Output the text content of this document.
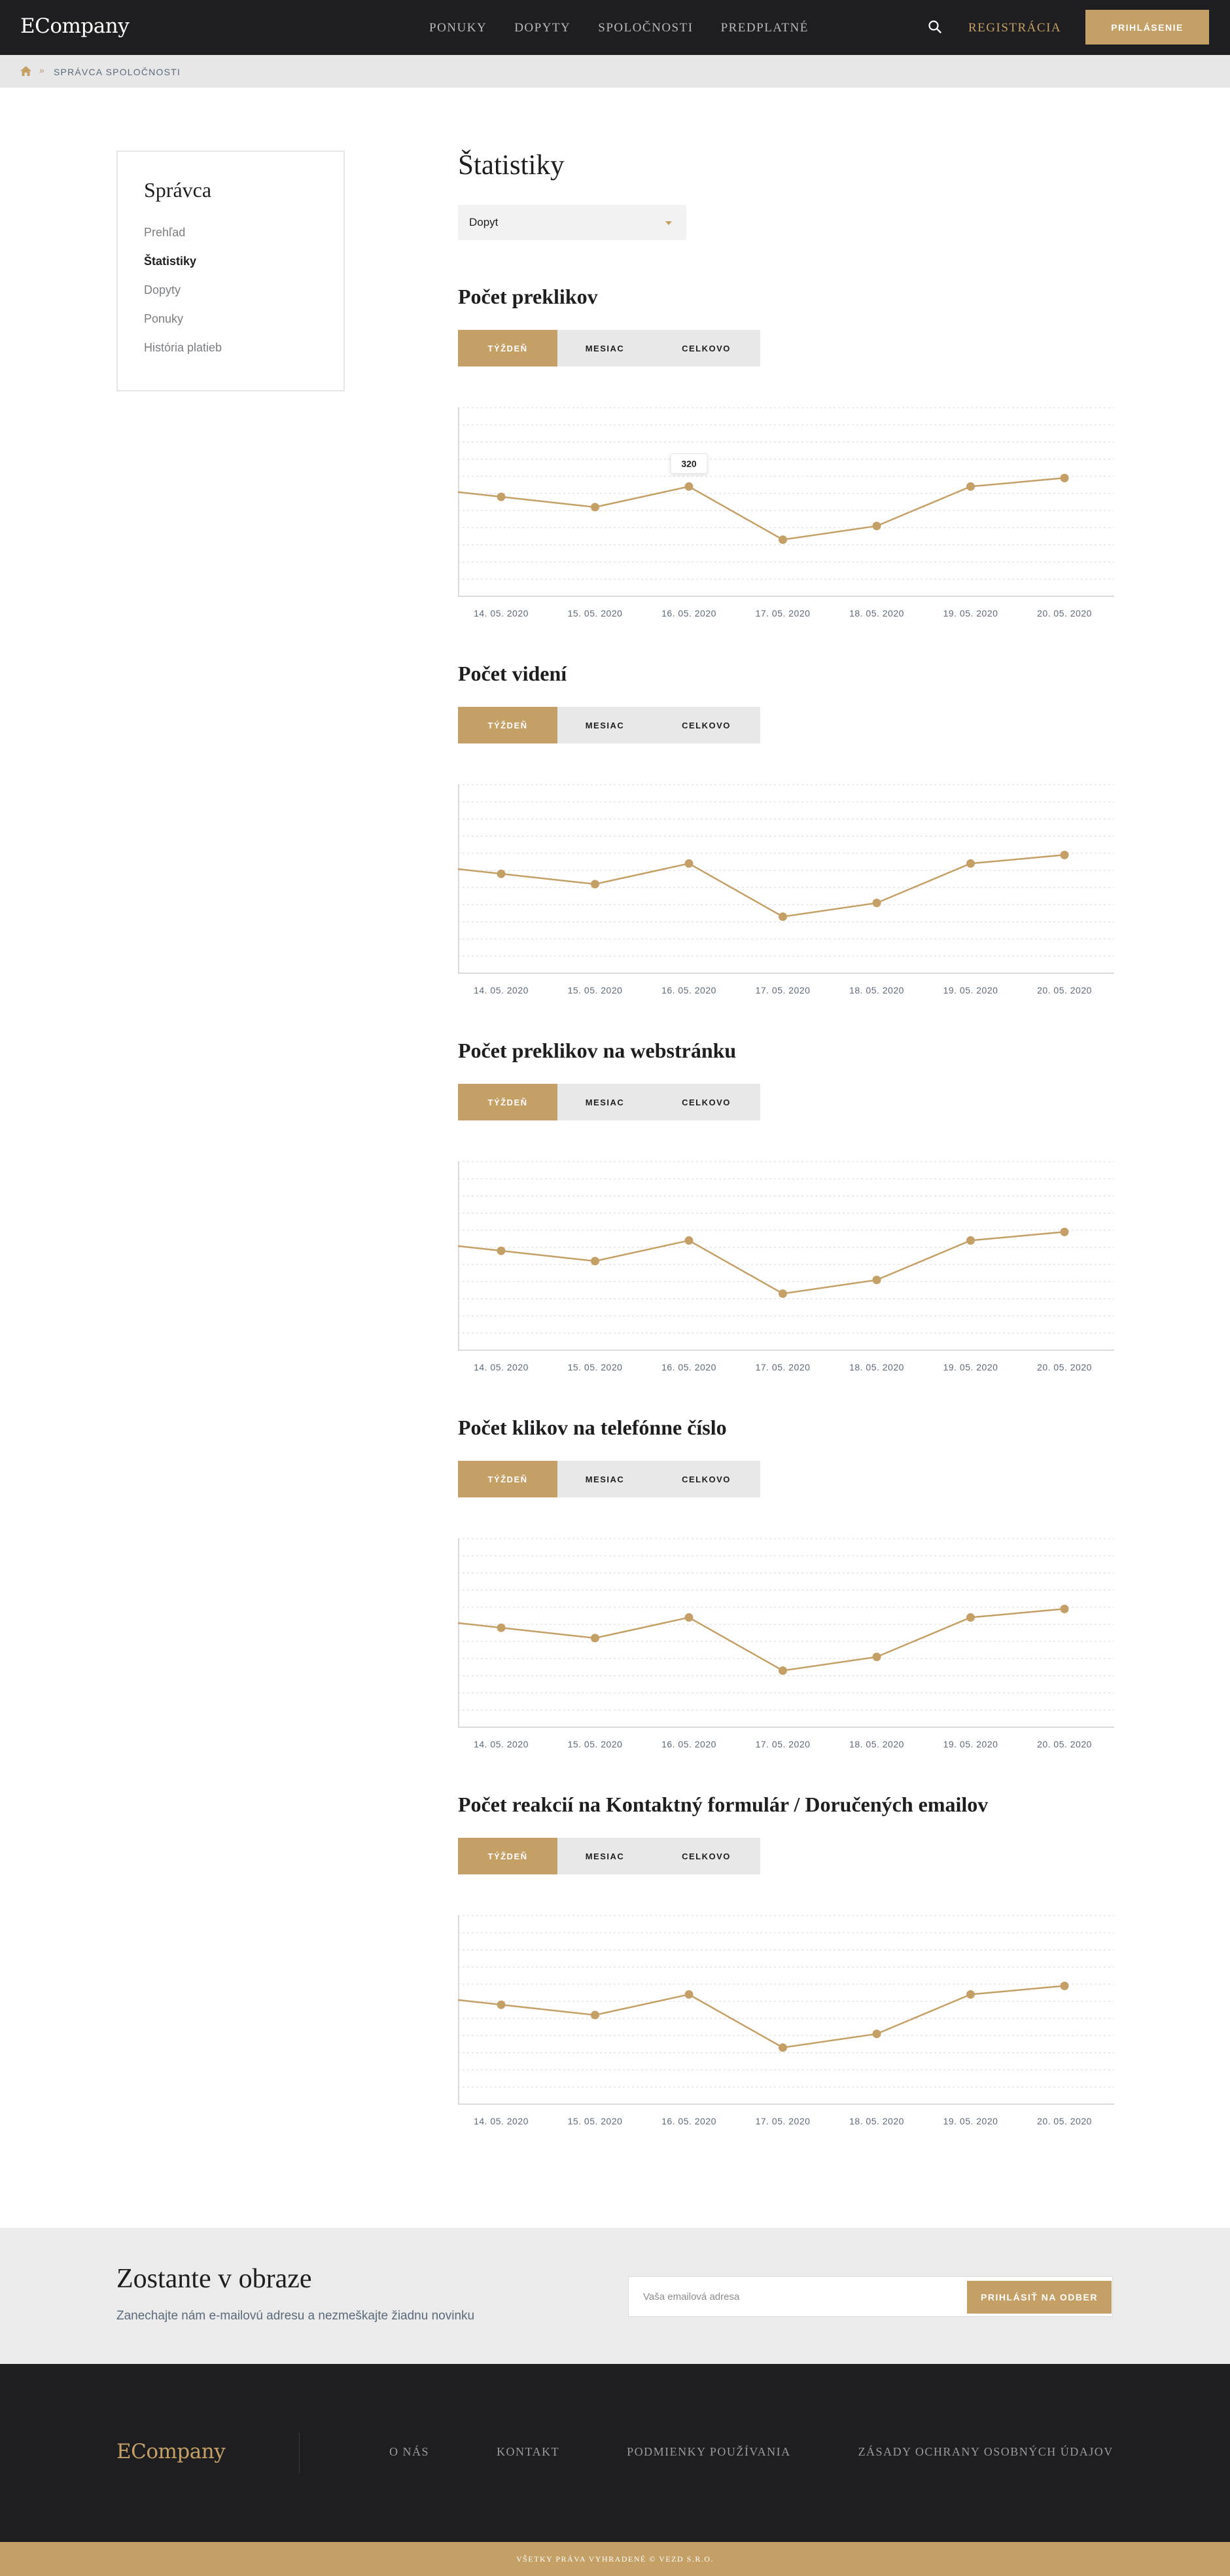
ECompany	PONUKY DOPYTY SPOLOČNOSTI PREDPLATNÉ	REGISTRÁCIA	PRIHLÁSENIE
» SPRÁVCA SPOLOČNOSTI
Správca
Prehľad
Štatistiky
Dopyty
Ponuky
História platieb
Štatistiky
Dopyt
Počet preklikov
TÝŽDEŇ	MESIAC	CELKOVO
14. 05. 2020	15. 05. 2020	16. 05. 2020	17. 05. 2020	18. 05. 2020	19. 05. 2020	20. 05. 2020
320
Počet videní
TÝŽDEŇ	MESIAC	CELKOVO
14. 05. 2020	15. 05. 2020	16. 05. 2020	17. 05. 2020	18. 05. 2020	19. 05. 2020	20. 05. 2020
Počet preklikov na webstránku
TÝŽDEŇ	MESIAC	CELKOVO
14. 05. 2020	15. 05. 2020	16. 05. 2020	17. 05. 2020	18. 05. 2020	19. 05. 2020	20. 05. 2020
Počet klikov na telefónne číslo
TÝŽDEŇ	MESIAC	CELKOVO
14. 05. 2020	15. 05. 2020	16. 05. 2020	17. 05. 2020	18. 05. 2020	19. 05. 2020	20. 05. 2020
Počet reakcií na Kontaktný formulár / Doručených emailov
TÝŽDEŇ	MESIAC	CELKOVO
14. 05. 2020	15. 05. 2020	16. 05. 2020	17. 05. 2020	18. 05. 2020	19. 05. 2020	20. 05. 2020
Zostante v obraze

Zanechajte nám e-mailovú adresu a nezmeškajte žiadnu novinku

Vaša emailová adresa	PRIHLÁSIŤ NA ODBER
ECompany	O NÁS	KONTAKT	PODMIENKY POUŽÍVANIA	ZÁSADY OCHRANY OSOBNÝCH ÚDAJOV
VŠETKY PRÁVA VYHRADENÉ © VEZD S.R.O.
